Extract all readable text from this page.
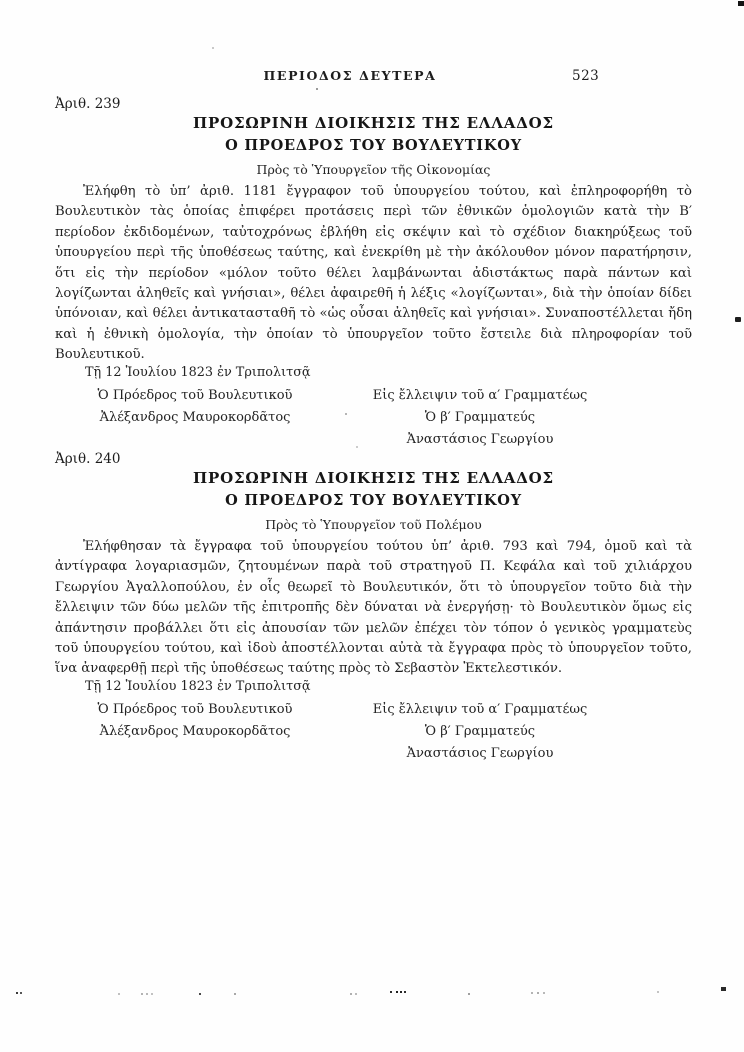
ΠΕΡΙΟΔΟΣ ΔΕΥΤΕΡΑ	523
Ἀριθ. 239
ΠΡΟΣΩΡΙΝΗ ΔΙΟΙΚΗΣΙΣ ΤΗΣ ΕΛΛΑΔΟΣ
Ο ΠΡΟΕΔΡΟΣ ΤΟΥ ΒΟΥΛΕΥΤΙΚΟΥ
Πρὸς τὸ Ὑπουργεῖον τῆς Οἰκονομίας

Ἐλήφθη τὸ ὑπ’ ἀριθ. 1181 ἔγγραφον τοῦ ὑπουργείου τούτου, καὶ ἐπληροφορήθη τὸ Βουλευτικὸν τὰς ὁποίας ἐπιφέρει προτάσεις περὶ τῶν ἐθνικῶν ὁμολογιῶν κατὰ τὴν Β′ περίοδον ἐκδιδομένων, ταὐτοχρόνως ἐβλήθη εἰς σκέψιν καὶ τὸ σχέδιον διακηρύξεως τοῦ ὑπουργείου περὶ τῆς ὑποθέσεως ταύτης, καὶ ἐνεκρίθη μὲ τὴν ἀκόλουθον μόνον παρατήρησιν, ὅτι εἰς τὴν περίοδον «μόλον τοῦτο θέλει λαμβάνωνται ἀδιστάκτως παρὰ πάντων καὶ λογίζωνται ἀληθεῖς καὶ γνήσιαι», θέλει ἀφαιρεθῆ ἡ λέξις «λογίζωνται», διὰ τὴν ὁποίαν δίδει ὑπόνοιαν, καὶ θέλει ἀντικατασταθῆ τὸ «ὡς οὖσαι ἀληθεῖς καὶ γνήσιαι». Συναποστέλλεται ἤδη καὶ ἡ ἐθνικὴ ὁμολογία, τὴν ὁποίαν τὸ ὑπουργεῖον τοῦτο ἔστειλε διὰ πληροφορίαν τοῦ Βουλευτικοῦ.

Τῇ 12 Ἰουλίου 1823 ἐν Τριπολιτσᾷ
Ὁ Πρόεδρος τοῦ Βουλευτικοῦ
Ἀλέξανδρος Μαυροκορδᾶτος
Εἰς ἔλλειψιν τοῦ α′ Γραμματέως
Ὁ β′ Γραμματεύς
Ἀναστάσιος Γεωργίου
Ἀριθ. 240
ΠΡΟΣΩΡΙΝΗ ΔΙΟΙΚΗΣΙΣ ΤΗΣ ΕΛΛΑΔΟΣ
Ο ΠΡΟΕΔΡΟΣ ΤΟΥ ΒΟΥΛΕΥΤΙΚΟΥ
Πρὸς τὸ Ὑπουργεῖον τοῦ Πολέμου

Ἐλήφθησαν τὰ ἔγγραφα τοῦ ὑπουργείου τούτου ὑπ’ ἀριθ. 793 καὶ 794, ὁμοῦ καὶ τὰ ἀντίγραφα λογαριασμῶν, ζητουμένων παρὰ τοῦ στρατηγοῦ Π. Κεφάλα καὶ τοῦ χιλιάρχου Γεωργίου Ἀγαλλοπούλου, ἐν οἷς θεωρεῖ τὸ Βουλευτικόν, ὅτι τὸ ὑπουργεῖον τοῦτο διὰ τὴν ἔλλειψιν τῶν δύω μελῶν τῆς ἐπιτροπῆς δὲν δύναται νὰ ἐνεργήσῃ· τὸ Βουλευτικὸν ὅμως εἰς ἀπάντησιν προβάλλει ὅτι εἰς ἀπουσίαν τῶν μελῶν ἐπέχει τὸν τόπον ὁ γενικὸς γραμματεὺς τοῦ ὑπουργείου τούτου, καὶ ἰδοὺ ἀποστέλλονται αὐτὰ τὰ ἔγγραφα πρὸς τὸ ὑπουργεῖον τοῦτο, ἵνα ἀναφερθῇ περὶ τῆς ὑποθέσεως ταύτης πρὸς τὸ Σεβαστὸν Ἐκτελεστικόν.

Τῇ 12 Ἰουλίου 1823 ἐν Τριπολιτσᾷ
Ὁ Πρόεδρος τοῦ Βουλευτικοῦ
Ἀλέξανδρος Μαυροκορδᾶτος
Εἰς ἔλλειψιν τοῦ α′ Γραμματέως
Ὁ β′ Γραμματεύς
Ἀναστάσιος Γεωργίου
